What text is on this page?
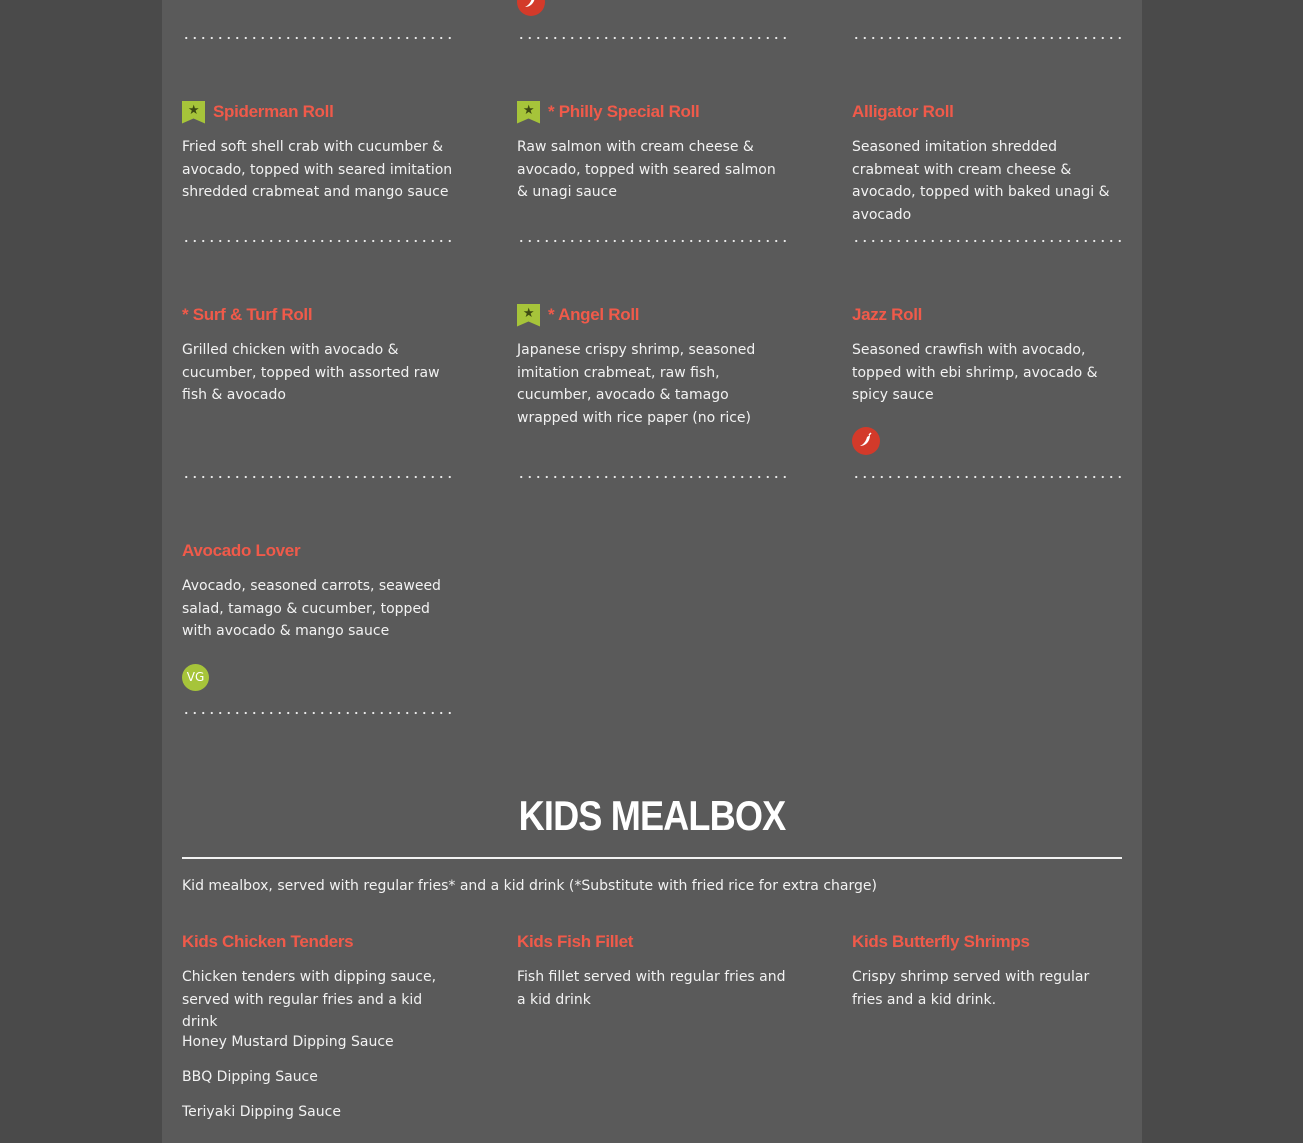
★
Spiderman Roll
Fried soft shell crab with cucumber & avocado, topped with seared imitation shredded crabmeat and mango sauce
★
* Philly Special Roll
Raw salmon with cream cheese & avocado, topped with seared salmon & unagi sauce
Alligator Roll
Seasoned imitation shredded crabmeat with cream cheese & avocado, topped with baked unagi & avocado
* Surf & Turf Roll
Grilled chicken with avocado & cucumber, topped with assorted raw fish & avocado
★
* Angel Roll
Japanese crispy shrimp, seasoned imitation crabmeat, raw fish, cucumber, avocado & tamago wrapped with rice paper (no rice)
Jazz Roll
Seasoned crawfish with avocado, topped with ebi shrimp, avocado & spicy sauce
Avocado Lover
Avocado, seasoned carrots, seaweed salad, tamago & cucumber, topped with avocado & mango sauce
VG
KIDS MEALBOX
Kid mealbox, served with regular fries* and a kid drink (*Substitute with fried rice for extra charge)
Kids Chicken Tenders
Chicken tenders with dipping sauce, served with regular fries and a kid drink
Kids Fish Fillet
Fish fillet served with regular fries and a kid drink
Kids Butterfly Shrimps
Crispy shrimp served with regular fries and a kid drink.
Honey Mustard Dipping Sauce
BBQ Dipping Sauce
Teriyaki Dipping Sauce
